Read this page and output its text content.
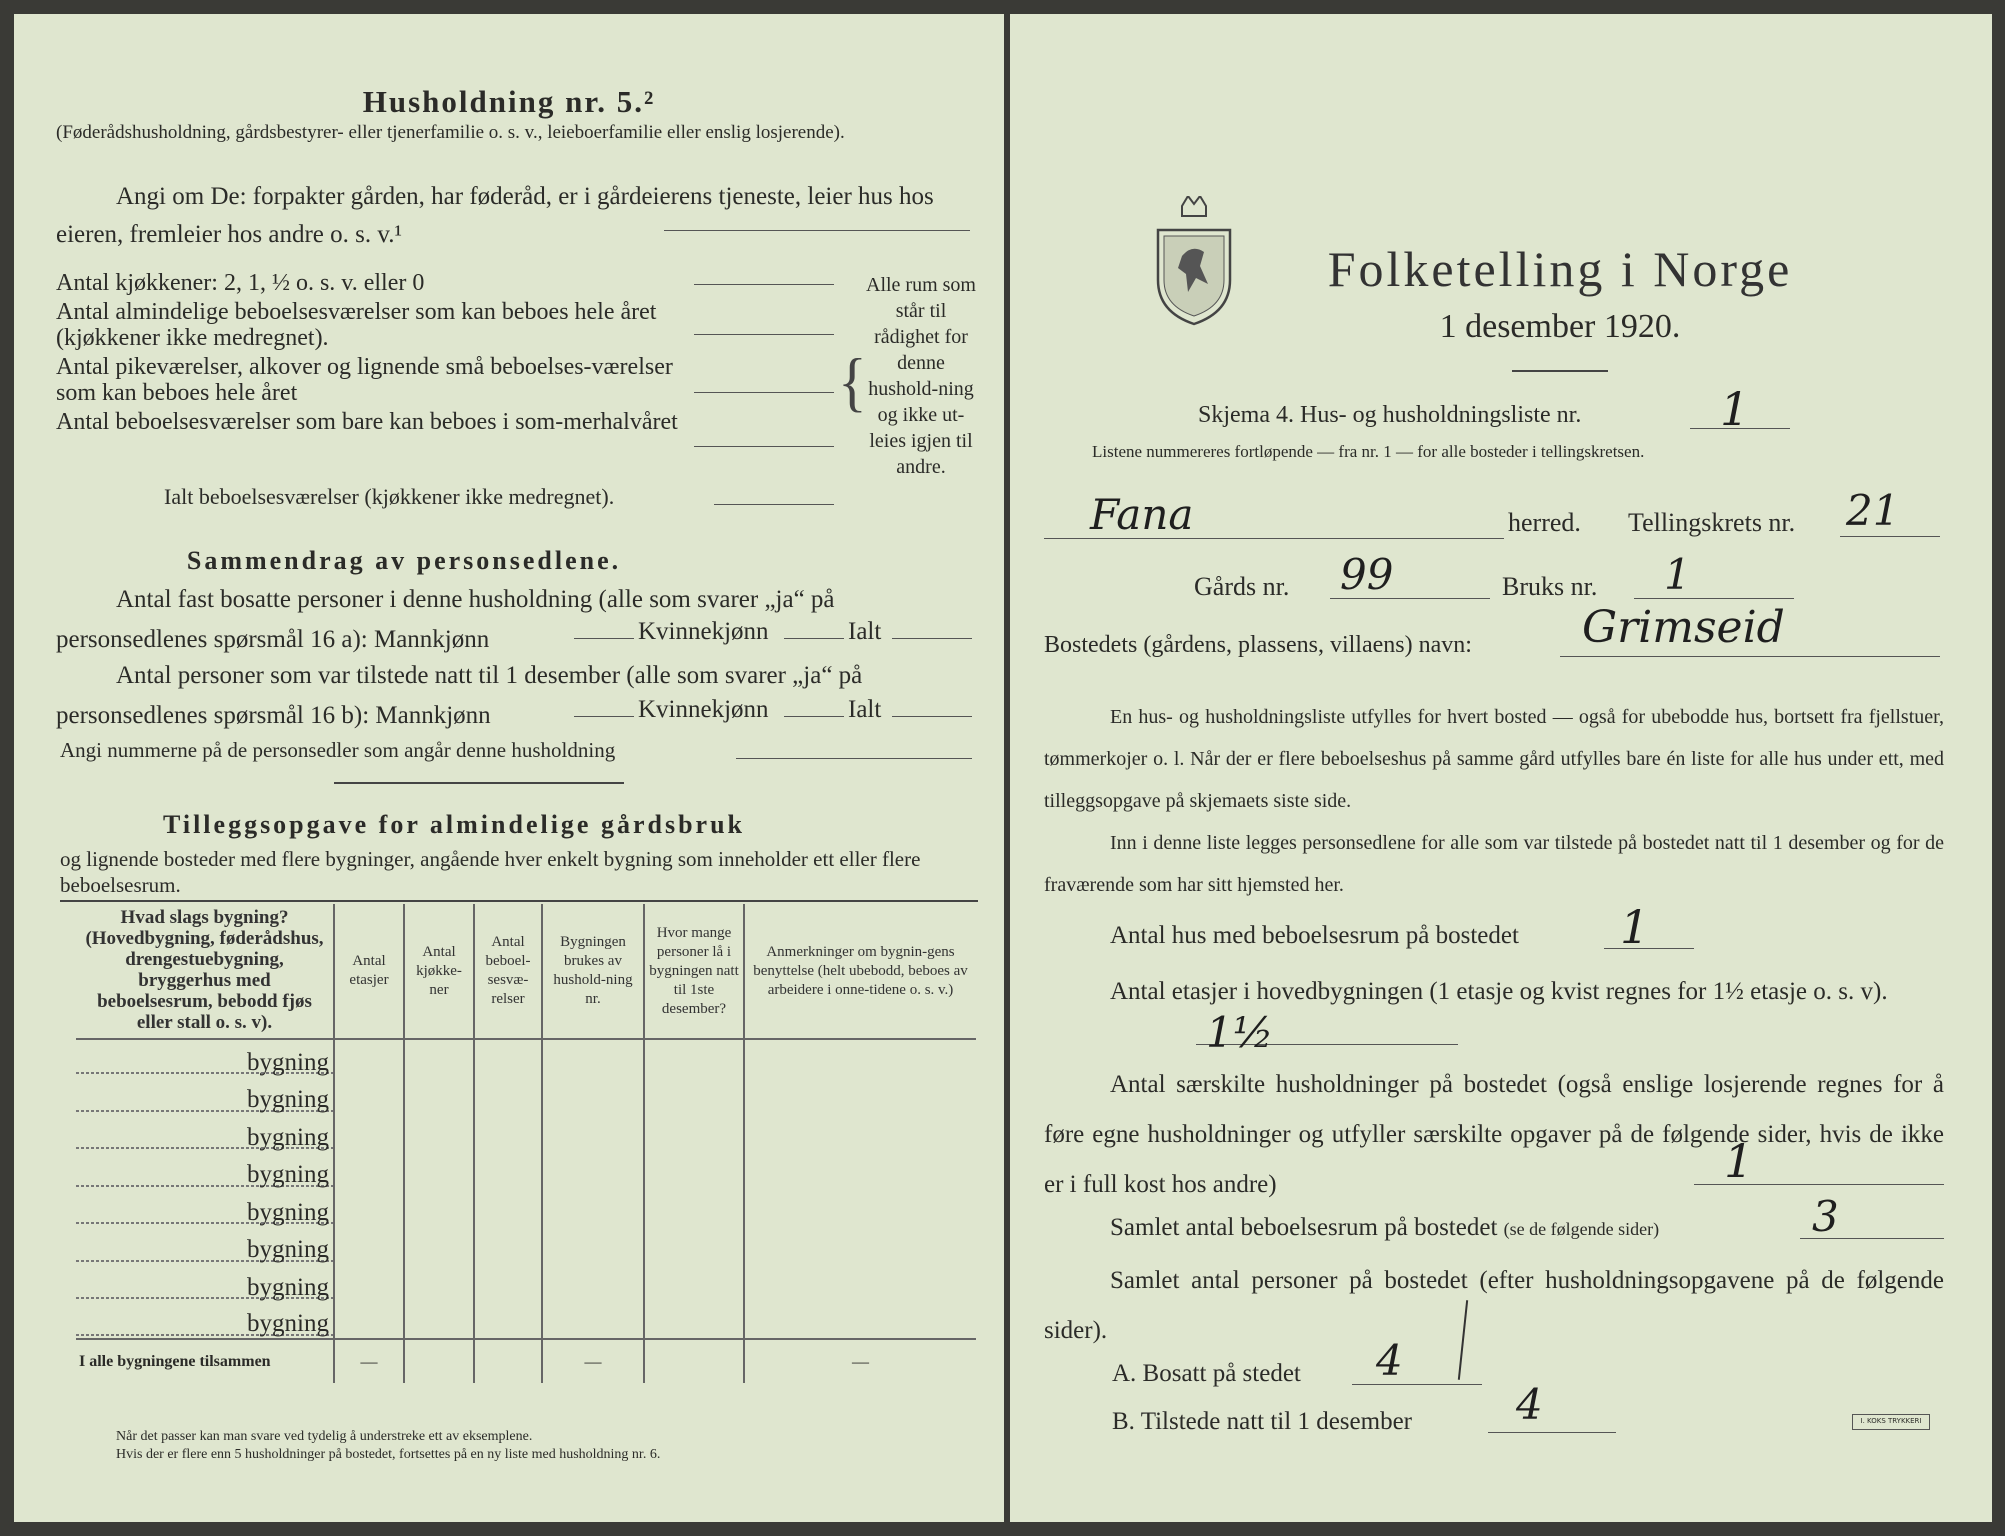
Husholdning nr. 5.²
(Føderådshusholdning, gårdsbestyrer- eller tjenerfamilie o. s. v., leieboerfamilie eller enslig losjerende).
Angi om De: forpakter gården, har føderåd, er i gårdeierens tjeneste, leier hus hos eieren, fremleier hos andre o. s. v.¹
Antal kjøkkener: 2, 1, ½ o. s. v. eller 0
Antal almindelige beboelsesværelser som kan beboes hele året (kjøkkener ikke medregnet).
Antal pikeværelser, alkover og lignende små beboelses-værelser som kan beboes hele året
Antal beboelsesværelser som bare kan beboes i som-merhalvåret
Ialt beboelsesværelser (kjøkkener ikke medregnet).
{
Alle rum som står til rådighet for denne hushold-ning og ikke ut-leies igjen til andre.
Sammendrag av personsedlene.
Antal fast bosatte personer i denne husholdning (alle som svarer „ja“ på personsedlenes spørsmål 16 a): Mannkjønn	Kvinnekjønn	Ialt
Antal personer som var tilstede natt til 1 desember (alle som svarer „ja“ på personsedlenes spørsmål 16 b): Mannkjønn	Kvinnekjønn	Ialt
Angi nummerne på de personsedler som angår denne husholdning
Tilleggsopgave for almindelige gårdsbruk
og lignende bosteder med flere bygninger, angående hver enkelt bygning som inneholder ett eller flere beboelsesrum.
Hvad slags bygning? (Hovedbygning, føderådshus, drengestuebygning, bryggerhus med beboelsesrum, bebodd fjøs eller stall o. s. v).	Antal etasjer	Antal kjøkke-ner	Antal beboel-sesvæ-relser	Bygningen brukes av hushold-ning nr.	Hvor mange personer lå i bygningen natt til 1ste desember?	Anmerkninger om bygnin-gens benyttelse (helt ubebodd, beboes av arbeidere i onne-tidene o. s. v.)
bygning						
bygning						
bygning						
bygning						
bygning						
bygning						
bygning						
bygning						
I alle bygningene tilsammen	—			—		—
Når det passer kan man svare ved tydelig å understreke ett av eksemplene.
Hvis der er flere enn 5 husholdninger på bostedet, fortsettes på en ny liste med husholdning nr. 6.
Folketelling i Norge
1 desember 1920.
Skjema 4. Hus- og husholdningsliste nr.	1
Listene nummereres fortløpende — fra nr. 1 — for alle bosteder i tellingskretsen.
Fana	herred. Tellingskrets nr. 21
Gårds nr. 99	Bruks nr. 1
Bostedets (gårdens, plassens, villaens) navn:	Grimseid
En hus- og husholdningsliste utfylles for hvert bosted — også for ubebodde hus, bortsett fra fjellstuer, tømmerkojer o. l. Når der er flere beboelseshus på samme gård utfylles bare én liste for alle hus under ett, med tilleggsopgave på skjemaets siste side.
Inn i denne liste legges personsedlene for alle som var tilstede på bostedet natt til 1 desember og for de fraværende som har sitt hjemsted her.
Antal hus med beboelsesrum på bostedet 1
Antal etasjer i hovedbygningen (1 etasje og kvist regnes for 1½ etasje o. s. v).
1½
Antal særskilte husholdninger på bostedet (også enslige losjerende regnes for å føre egne husholdninger og utfyller særskilte opgaver på de følgende sider, hvis de ikke er i full kost hos andre)	1
Samlet antal beboelsesrum på bostedet (se de følgende sider)	3
Samlet antal personer på bostedet (efter husholdningsopgavene på de følgende sider).
A. Bosatt på stedet 4
B. Tilstede natt til 1 desember 4	I. KOKS TRYKKERI
